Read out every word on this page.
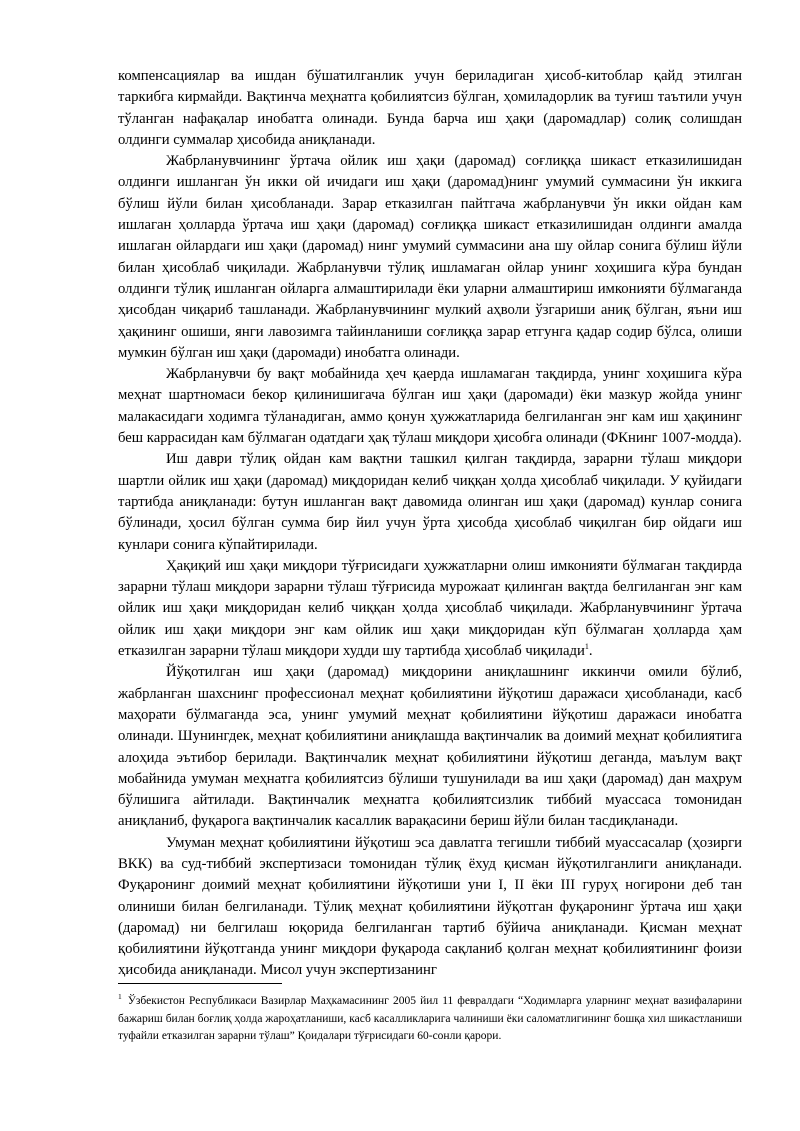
компенсациялар ва ишдан бўшатилганлик учун бериладиган ҳисоб-китоблар қайд этилган таркибга кирмайди. Вақтинча меҳнатга қобилиятсиз бўлган, ҳомиладорлик ва туғиш таътили учун тўланган нафақалар инобатга олинади. Бунда барча иш ҳақи (даромадлар) солиқ солишдан олдинги суммалар ҳисобида аниқланади.

Жабрланувчининг ўртача ойлик иш ҳақи (даромад) соғлиққа шикаст етказилишидан олдинги ишланган ўн икки ой ичидаги иш ҳақи (даромад)нинг умумий суммасини ўн иккига бўлиш йўли билан ҳисобланади. Зарар етказилган пайтгача жабрланувчи ўн икки ойдан кам ишлаган ҳолларда ўртача иш ҳақи (даромад) соғлиққа шикаст етказилишидан олдинги амалда ишлаган ойлардаги иш ҳақи (даромад) нинг умумий суммасини ана шу ойлар сонига бўлиш йўли билан ҳисоблаб чиқилади. Жабрланувчи тўлиқ ишламаган ойлар унинг хоҳишига кўра бундан олдинги тўлиқ ишланган ойларга алмаштирилади ёки уларни алмаштириш имконияти бўлмаганда ҳисобдан чиқариб ташланади. Жабрланувчининг мулкий аҳволи ўзгариши аниқ бўлган, яъни иш ҳақининг ошиши, янги лавозимга тайинланиши соғлиққа зарар етгунга қадар содир бўлса, олиши мумкин бўлган иш ҳақи (даромади) инобатга олинади.

Жабрланувчи бу вақт мобайнида ҳеч қаерда ишламаган тақдирда, унинг хоҳишига кўра меҳнат шартномаси бекор қилинишигача бўлган иш ҳақи (даромади) ёки мазкур жойда унинг малакасидаги ходимга тўланадиган, аммо қонун ҳужжатларида белгиланган энг кам иш ҳақининг беш каррасидан кам бўлмаган одатдаги ҳақ тўлаш миқдори ҳисобга олинади (ФКнинг 1007-модда).

Иш даври тўлиқ ойдан кам вақтни ташкил қилган тақдирда, зарарни тўлаш миқдори шартли ойлик иш ҳақи (даромад) миқдоридан келиб чиққан ҳолда ҳисоблаб чиқилади. У қуйидаги тартибда аниқланади: бутун ишланган вақт давомида олинган иш ҳақи (даромад) кунлар сонига бўлинади, ҳосил бўлган сумма бир йил учун ўрта ҳисобда ҳисоблаб чиқилган бир ойдаги иш кунлари сонига кўпайтирилади.

Ҳақиқий иш ҳақи миқдори тўғрисидаги ҳужжатларни олиш имконияти бўлмаган тақдирда зарарни тўлаш миқдори зарарни тўлаш тўғрисида мурожаат қилинган вақтда белгиланган энг кам ойлик иш ҳақи миқдоридан келиб чиққан ҳолда ҳисоблаб чиқилади. Жабрланувчининг ўртача ойлик иш ҳақи миқдори энг кам ойлик иш ҳақи миқдоридан кўп бўлмаган ҳолларда ҳам етказилган зарарни тўлаш миқдори худди шу тартибда ҳисоблаб чиқилади$^1$.

Йўқотилган иш ҳақи (даромад) миқдорини аниқлашнинг иккинчи омили бўлиб, жабрланган шахснинг профессионал меҳнат қобилиятини йўқотиш даражаси ҳисобланади, касб маҳорати бўлмаганда эса, унинг умумий меҳнат қобилиятини йўқотиш даражаси инобатга олинади. Шунингдек, меҳнат қобилиятини аниқлашда вақтинчалик ва доимий меҳнат қобилиятига алоҳида эътибор берилади. Вақтинчалик меҳнат қобилиятини йўқотиш деганда, маълум вақт мобайнида умуман меҳнатга қобилиятсиз бўлиши тушунилади ва иш ҳақи (даромад) дан маҳрум бўлишига айтилади. Вақтинчалик меҳнатга қобилиятсизлик тиббий муассаса томонидан аниқланиб, фуқарога вақтинчалик касаллик варақасини бериш йўли билан тасдиқланади.

Умуман меҳнат қобилиятини йўқотиш эса давлатга тегишли тиббий муассасалар (ҳозирги ВКК) ва суд-тиббий экспертизаси томонидан тўлиқ ёхуд қисман йўқотилганлиги аниқланади. Фуқаронинг доимий меҳнат қобилиятини йўқотиши уни I, II ёки III гуруҳ ногирони деб тан олиниши билан белгиланади. Тўлиқ меҳнат қобилиятини йўқотган фуқаронинг ўртача иш ҳақи (даромад) ни белгилаш юқорида белгиланган тартиб бўйича аниқланади. Қисман меҳнат қобилиятини йўқотганда унинг миқдори фуқарода сақланиб қолган меҳнат қобилиятининг фоизи ҳисобида аниқланади. Мисол учун экспертизанинг

$^1$ Ўзбекистон Республикаси Вазирлар Маҳкамасининг 2005 йил 11 февралдаги “Ходимларга уларнинг меҳнат вазифаларини бажариш билан боғлиқ ҳолда жароҳатланиши, касб касалликларига чалиниши ёки саломатлигининг бошқа хил шикастланиши туфайли етказилган зарарни тўлаш” Қоидалари тўғрисидаги 60-сонли қарори.
